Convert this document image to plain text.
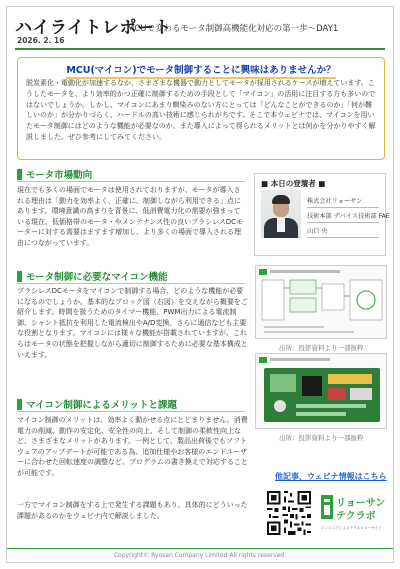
ハイライトレポート
MCUで変わるモータ制御高機能化対応の第一歩～DAY1
2026. 2. 16
MCU(マイコン)でモータ制御することに興味はありませんか？
脱炭素化・電動化が加速するなか、さまざまな機器で動力としてモータが採用されるケースが増えています。こうしたモータを、より効率的かつ正確に制御するための手段として「マイコン」の活用に注目する方も多いのではないでしょうか。しかし、マイコンにあまり馴染みのない方にとっては「どんなことができるのか」「何が難しいのか」が分かりづらく、ハードルの高い技術に感じられがちです。そこで本ウェビナでは、マイコンを用いたモータ制御にはどのような機能が必要なのか、また導入によって得られるメリットとは何かを分かりやすく解説しました。ぜひ参考にしてみてください。
モータ市場動向
現在でも多くの場面でモータは使用されておりますが、モータが導入される理由は「動力を効率よく、正確に、制御しながら利用できる」点にあります。環境意識の高まりを背景に、低消費電力化の需要が強まっている現在、低価格帯のモータ・やメンテナンス性の良いブラシレスDCモーターに対する需要はますます増加し、より多くの場面で導入される理由につながっています。
■ 本日の登壇者 ■
株式会社リョーサン
技術本部 デバイス技術部 FAE
山口 央
モータ制御に必要なマイコン機能
ブラシレスDCモータをマイコンで制御する場合、どのような機能が必要になるのでしょうか。基本的なブロック図（右図）を交えながら概要をご紹介します。時間を扱うためのタイマー機能、PWM出力による電流制御、シャント抵抗を利用した電流検出やA/D変換、さらに通信なども主要な役割となります。マイコンには様々な機能が搭載されていますが、これらはモータの状態を把握しながら適切に制御するために必要な基本構成といえます。
出所：投影資料より一部抜粋
出所：投影資料より一部抜粋
マイコン制御によるメリットと課題
マイコン制御のメリットは、効率よく動かせる点にとどまりません。消費電力の削減、動作の安定化、安全性の向上、そして制御の柔軟性向上など、さまざまなメリットがあります。一例として、製品出荷後でもソフトウェアのアップデートが可能である為、追加仕様やお客様のエンドユーザーに合わせた回転速度の調整など、プログラムの書き換えで対応することが可能です。
一方でマイコン制御をする上で発生する課題もあり、具体的にどういった課題があるのかをウェビナ内で解説しました。
他記事、ウェビナ情報はこちら
リョーサン
テクラボ
エンジニアによるテクネロジーサイト
Copyright© Ryosan Company Limited All rights reserved.
